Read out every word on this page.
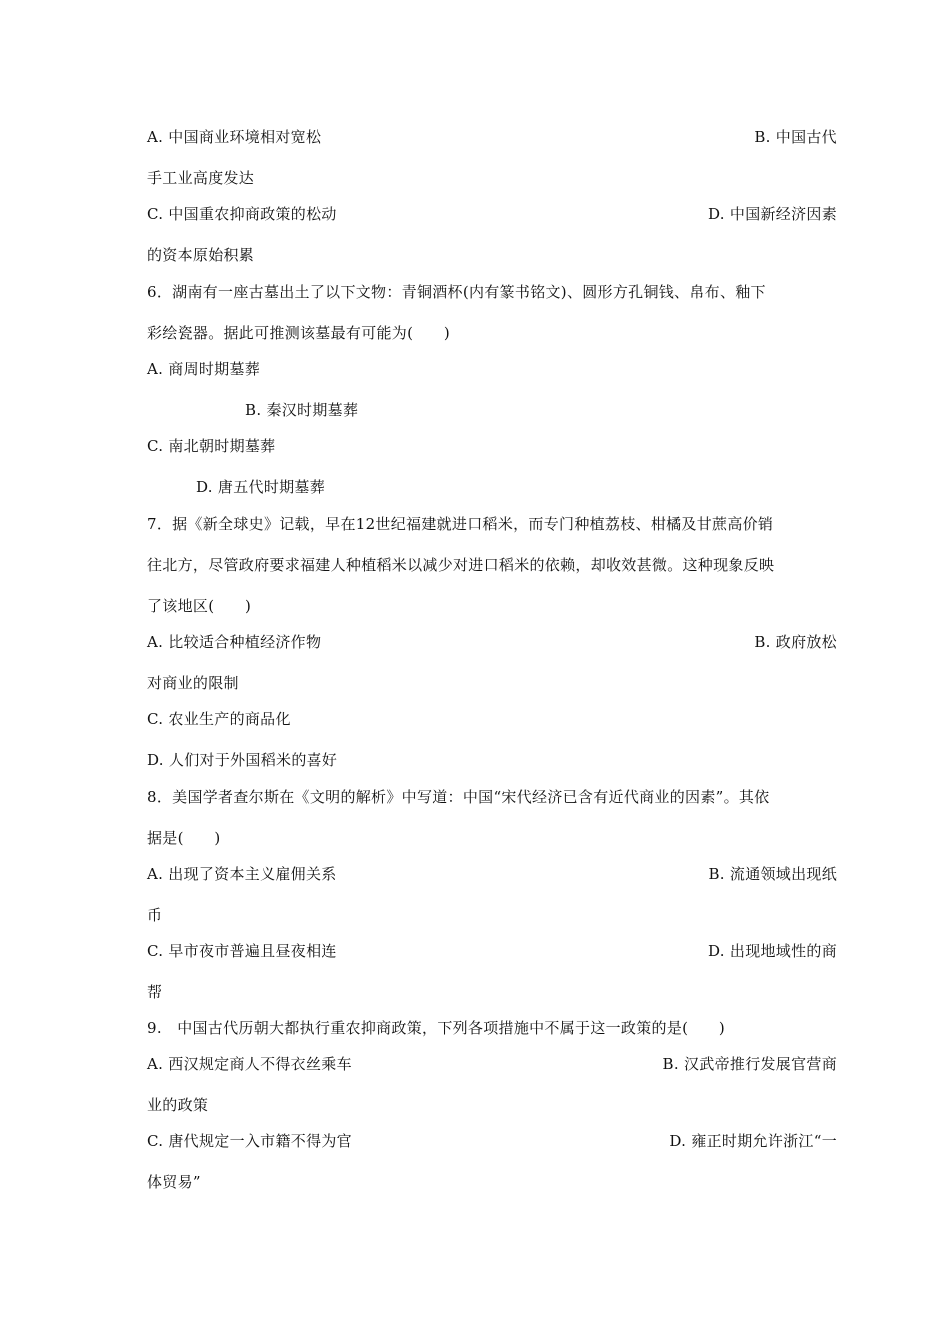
A. 中国商业环境相对宽松	B. 中国古代
手工业高度发达
C. 中国重农抑商政策的松动	D. 中国新经济因素
的资本原始积累
6．湖南有一座古墓出土了以下文物：青铜酒杯(内有篆书铭文)、圆形方孔铜钱、帛布、釉下
彩绘瓷器。据此可推测该墓最有可能为(　　)
A. 商周时期墓葬
B. 秦汉时期墓葬
C. 南北朝时期墓葬
D. 唐五代时期墓葬
7．据《新全球史》记载，早在12世纪福建就进口稻米，而专门种植荔枝、柑橘及甘蔗高价销
往北方，尽管政府要求福建人种植稻米以减少对进口稻米的依赖，却收效甚微。这种现象反映
了该地区(　　)
A. 比较适合种植经济作物	B. 政府放松
对商业的限制
C. 农业生产的商品化
D. 人们对于外国稻米的喜好
8．美国学者查尔斯在《文明的解析》中写道：中国“宋代经济已含有近代商业的因素”。其依
据是(　　)
A. 出现了资本主义雇佣关系	B. 流通领域出现纸
币
C. 早市夜市普遍且昼夜相连	D. 出现地域性的商
帮
9.　中国古代历朝大都执行重农抑商政策，下列各项措施中不属于这一政策的是(　　)
A. 西汉规定商人不得衣丝乘车	B. 汉武帝推行发展官营商
业的政策
C. 唐代规定一入市籍不得为官	D. 雍正时期允许浙江“一
体贸易”
